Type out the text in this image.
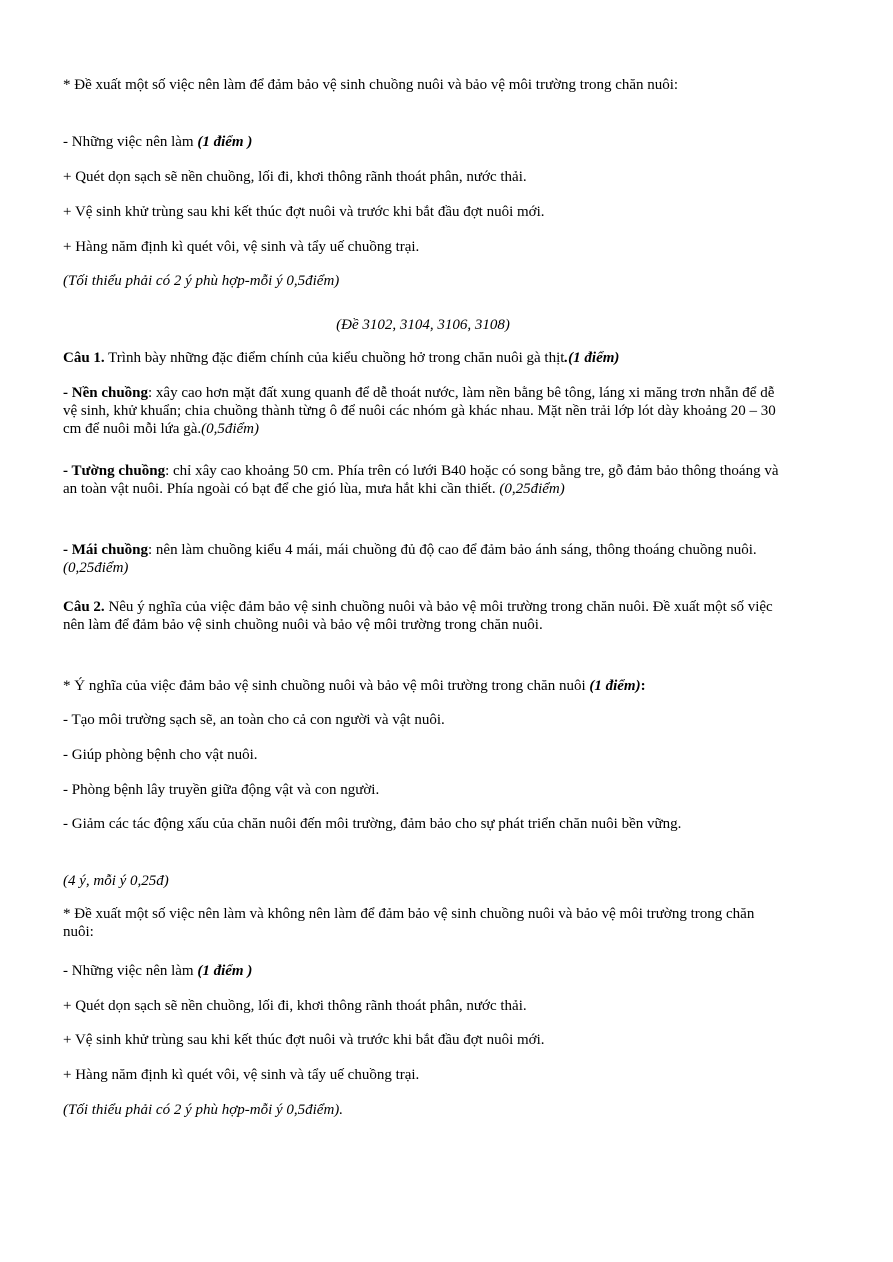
* Đề xuất một số việc nên làm để đảm bảo vệ sinh chuồng nuôi và bảo vệ môi trường trong chăn nuôi:

- Những việc nên làm (1 điểm )

+ Quét dọn sạch sẽ nền chuồng, lối đi, khơi thông rãnh thoát phân, nước thải.

+ Vệ sinh khử trùng sau khi kết thúc đợt nuôi và trước khi bắt đầu đợt nuôi mới.

+ Hàng năm định kì quét vôi, vệ sinh và tẩy uế chuồng trại.

(Tối thiểu phải có 2 ý phù hợp-mỗi ý 0,5điểm)

(Đề 3102, 3104, 3106, 3108)

Câu 1. Trình bày những đặc điểm chính của kiểu chuồng hở trong chăn nuôi gà thịt.(1 điểm)

- Nền chuồng: xây cao hơn mặt đất xung quanh để dễ thoát nước, làm nền bằng bê tông, láng xi măng trơn nhẵn để dễ vệ sinh, khử khuẩn; chia chuồng thành từng ô để nuôi các nhóm gà khác nhau. Mặt nền trải lớp lót dày khoảng 20 – 30 cm để nuôi mỗi lứa gà.(0,5điểm)

- Tường chuồng: chỉ xây cao khoảng 50 cm. Phía trên có lưới B40 hoặc có song bằng tre, gỗ đảm bảo thông thoáng và an toàn vật nuôi. Phía ngoài có bạt để che gió lùa, mưa hắt khi cần thiết. (0,25điểm)

- Mái chuồng: nên làm chuồng kiểu 4 mái, mái chuồng đủ độ cao để đảm bảo ánh sáng, thông thoáng chuồng nuôi. (0,25điểm)

Câu 2. Nêu ý nghĩa của việc đảm bảo vệ sinh chuồng nuôi và bảo vệ môi trường trong chăn nuôi. Đề xuất một số việc nên làm để đảm bảo vệ sinh chuồng nuôi và bảo vệ môi trường trong chăn nuôi.

* Ý nghĩa của việc đảm bảo vệ sinh chuồng nuôi và bảo vệ môi trường trong chăn nuôi (1 điểm):

- Tạo môi trường sạch sẽ, an toàn cho cả con người và vật nuôi.

- Giúp phòng bệnh cho vật nuôi.

- Phòng bệnh lây truyền giữa động vật và con người.

- Giảm các tác động xấu của chăn nuôi đến môi trường, đảm bảo cho sự phát triển chăn nuôi bền vững.

(4 ý, mỗi ý 0,25đ)

* Đề xuất một số việc nên làm và không nên làm để đảm bảo vệ sinh chuồng nuôi và bảo vệ môi trường trong chăn nuôi:

- Những việc nên làm (1 điểm )

+ Quét dọn sạch sẽ nền chuồng, lối đi, khơi thông rãnh thoát phân, nước thải.

+ Vệ sinh khử trùng sau khi kết thúc đợt nuôi và trước khi bắt đầu đợt nuôi mới.

+ Hàng năm định kì quét vôi, vệ sinh và tẩy uế chuồng trại.

(Tối thiểu phải có 2 ý phù hợp-mỗi ý 0,5điểm).
